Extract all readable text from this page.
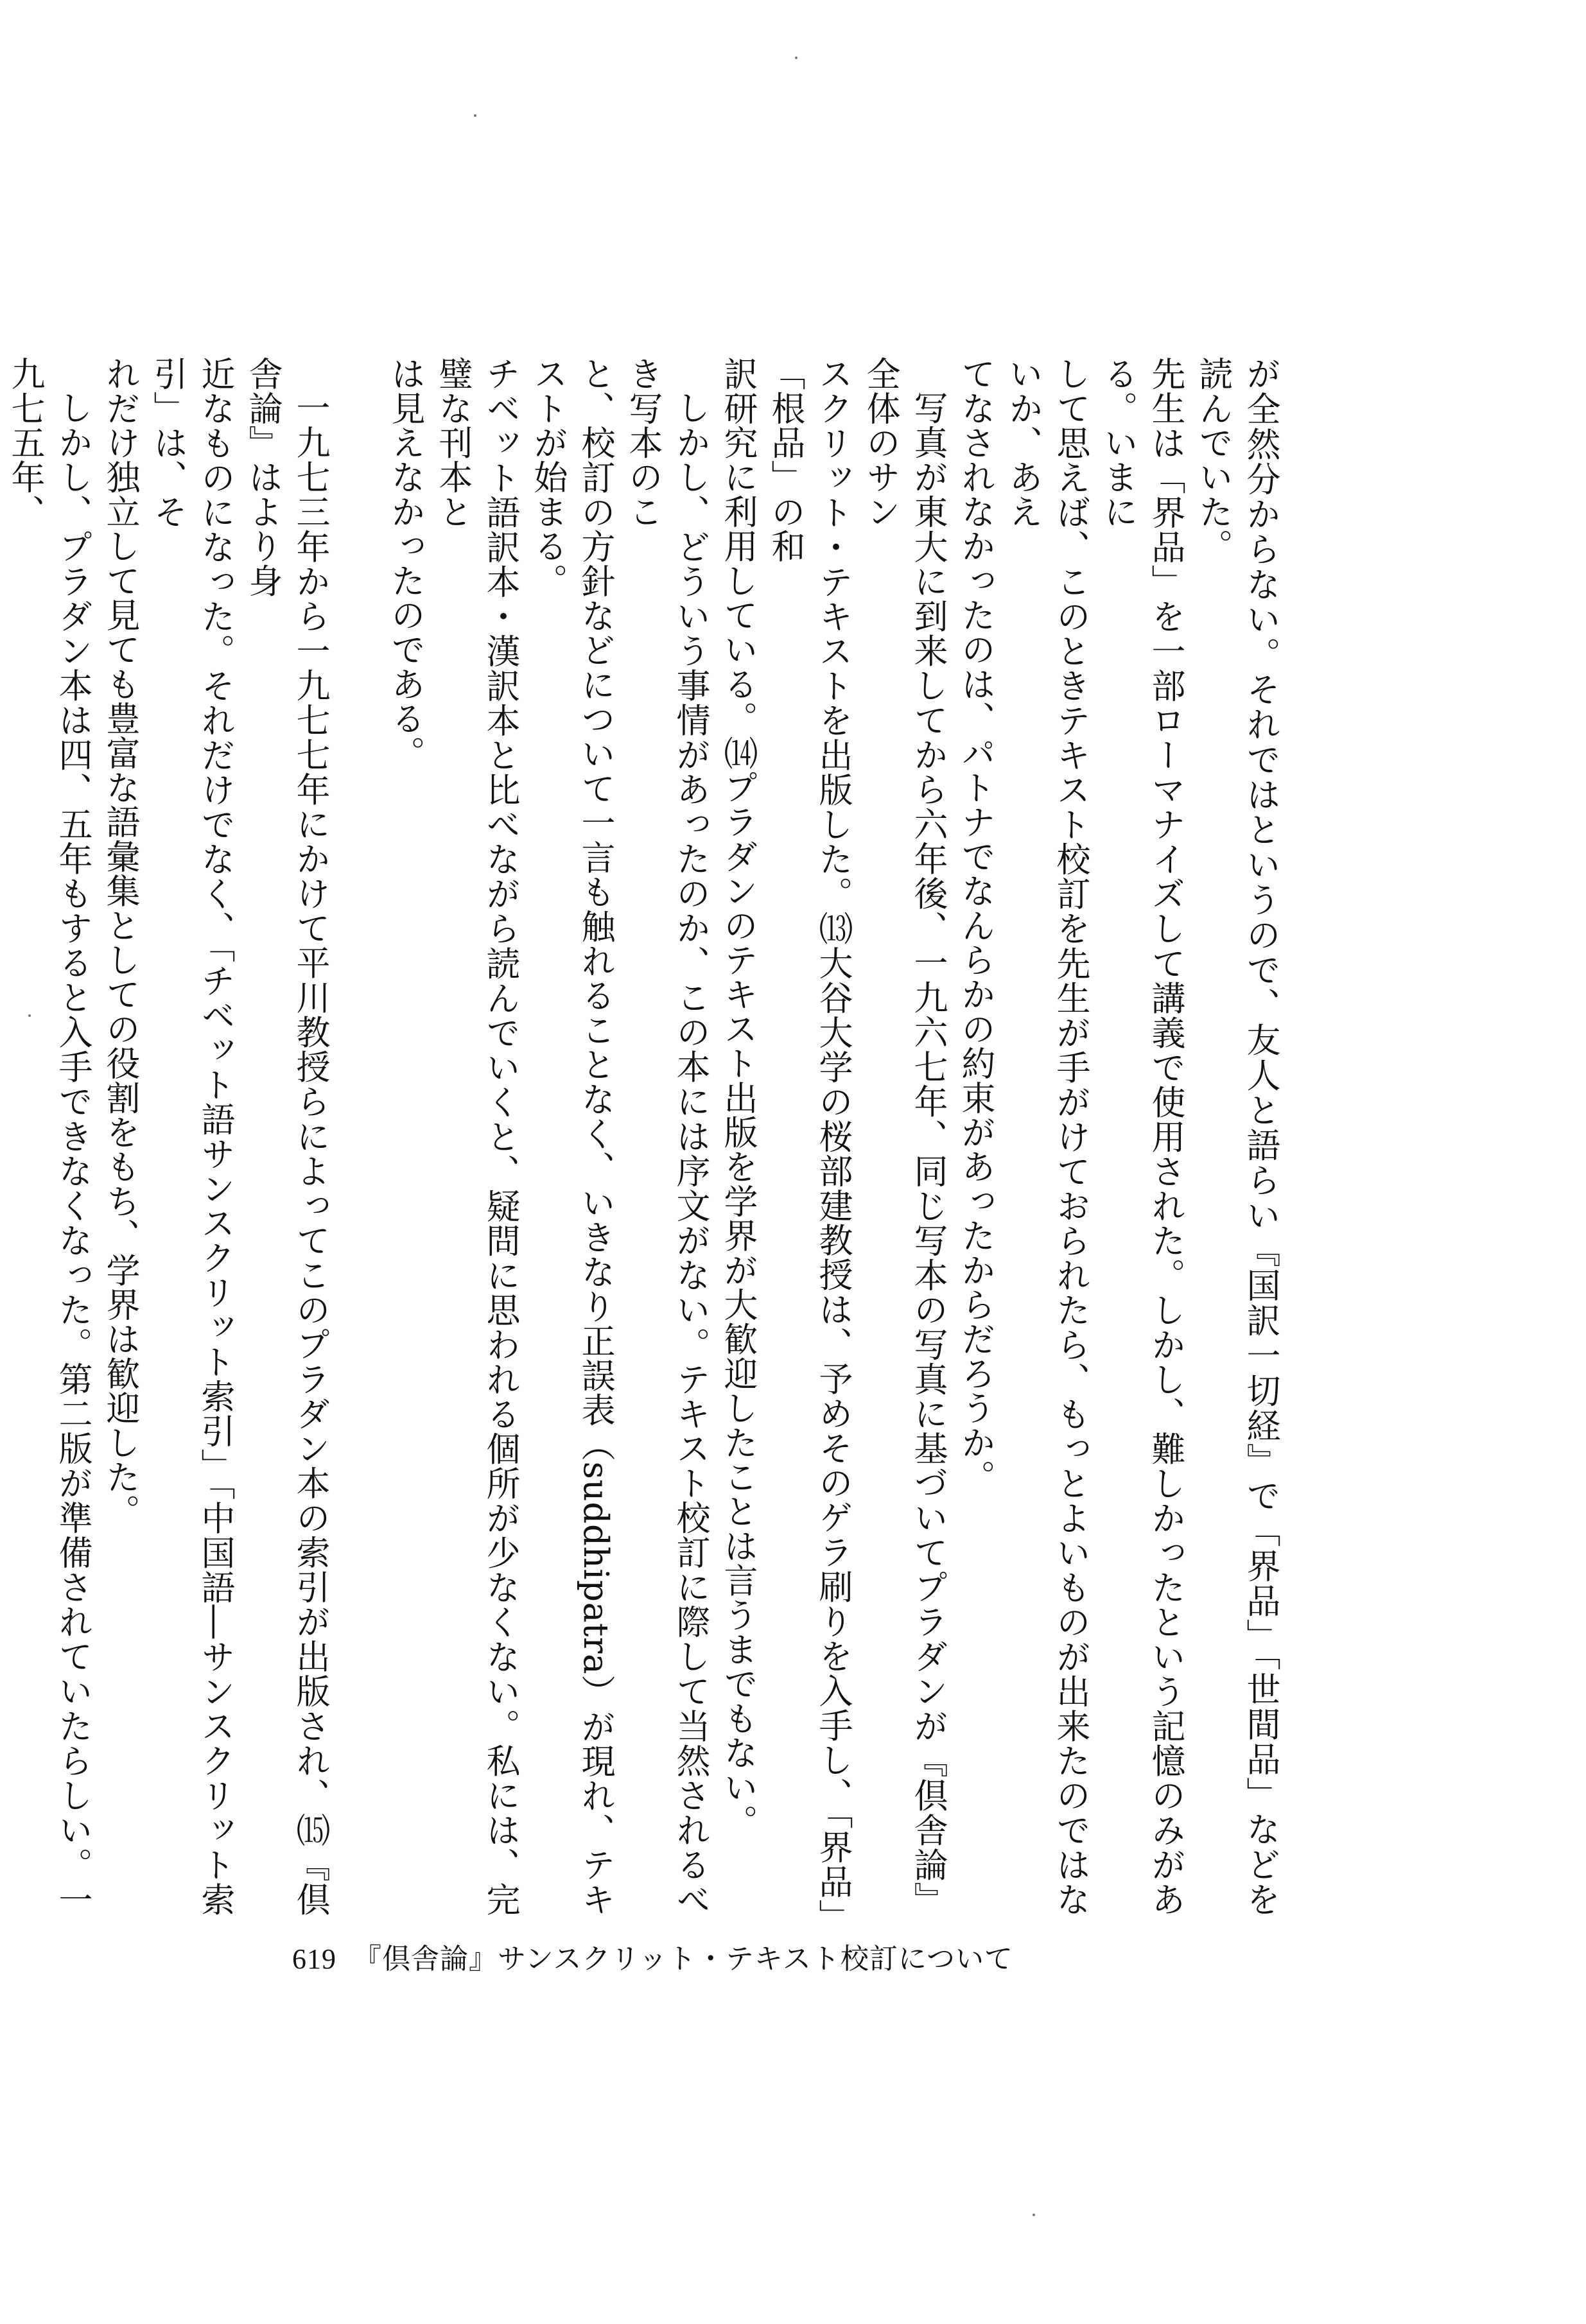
が全然分からない。それではというので、友人と語らい『国訳一切経』で「界品」「世間品」などを読んでいた。

先生は「界品」を一部ローマナイズして講義で使用された。しかし、難しかったという記憶のみがある。いまに

して思えば、このときテキスト校訂を先生が手がけておられたら、もっとよいものが出来たのではないか、あえ

てなされなかったのは、パトナでなんらかの約束があったからだろうか。

写真が東大に到来してから六年後、一九六七年、同じ写本の写真に基づいてプラダンが『倶舎論』全体のサン

スクリット・テキストを出版した。⒀大谷大学の桜部建教授は、予めそのゲラ刷りを入手し、「界品」「根品」の和

訳研究に利用している。⒁プラダンのテキスト出版を学界が大歓迎したことは言うまでもない。

しかし、どういう事情があったのか、この本には序文がない。テキスト校訂に際して当然されるべき写本のこ

と、校訂の方針などについて一言も触れることなく、いきなり正誤表（suddhipatra）が現れ、テキストが始まる。

チベット語訳本・漢訳本と比べながら読んでいくと、疑問に思われる個所が少なくない。私には、完璧な刊本と

は見えなかったのである。

一九七三年から一九七七年にかけて平川教授らによってこのプラダン本の索引が出版され、⒂『倶舎論』はより身

近なものになった。それだけでなく、「チベット語サンスクリット索引」「中国語―サンスクリット索引」は、そ

れだけ独立して見ても豊富な語彙集としての役割をもち、学界は歓迎した。

しかし、プラダン本は四、五年もすると入手できなくなった。第二版が準備されていたらしい。一九七五年、

619 『倶舎論』サンスクリット・テキスト校訂について
